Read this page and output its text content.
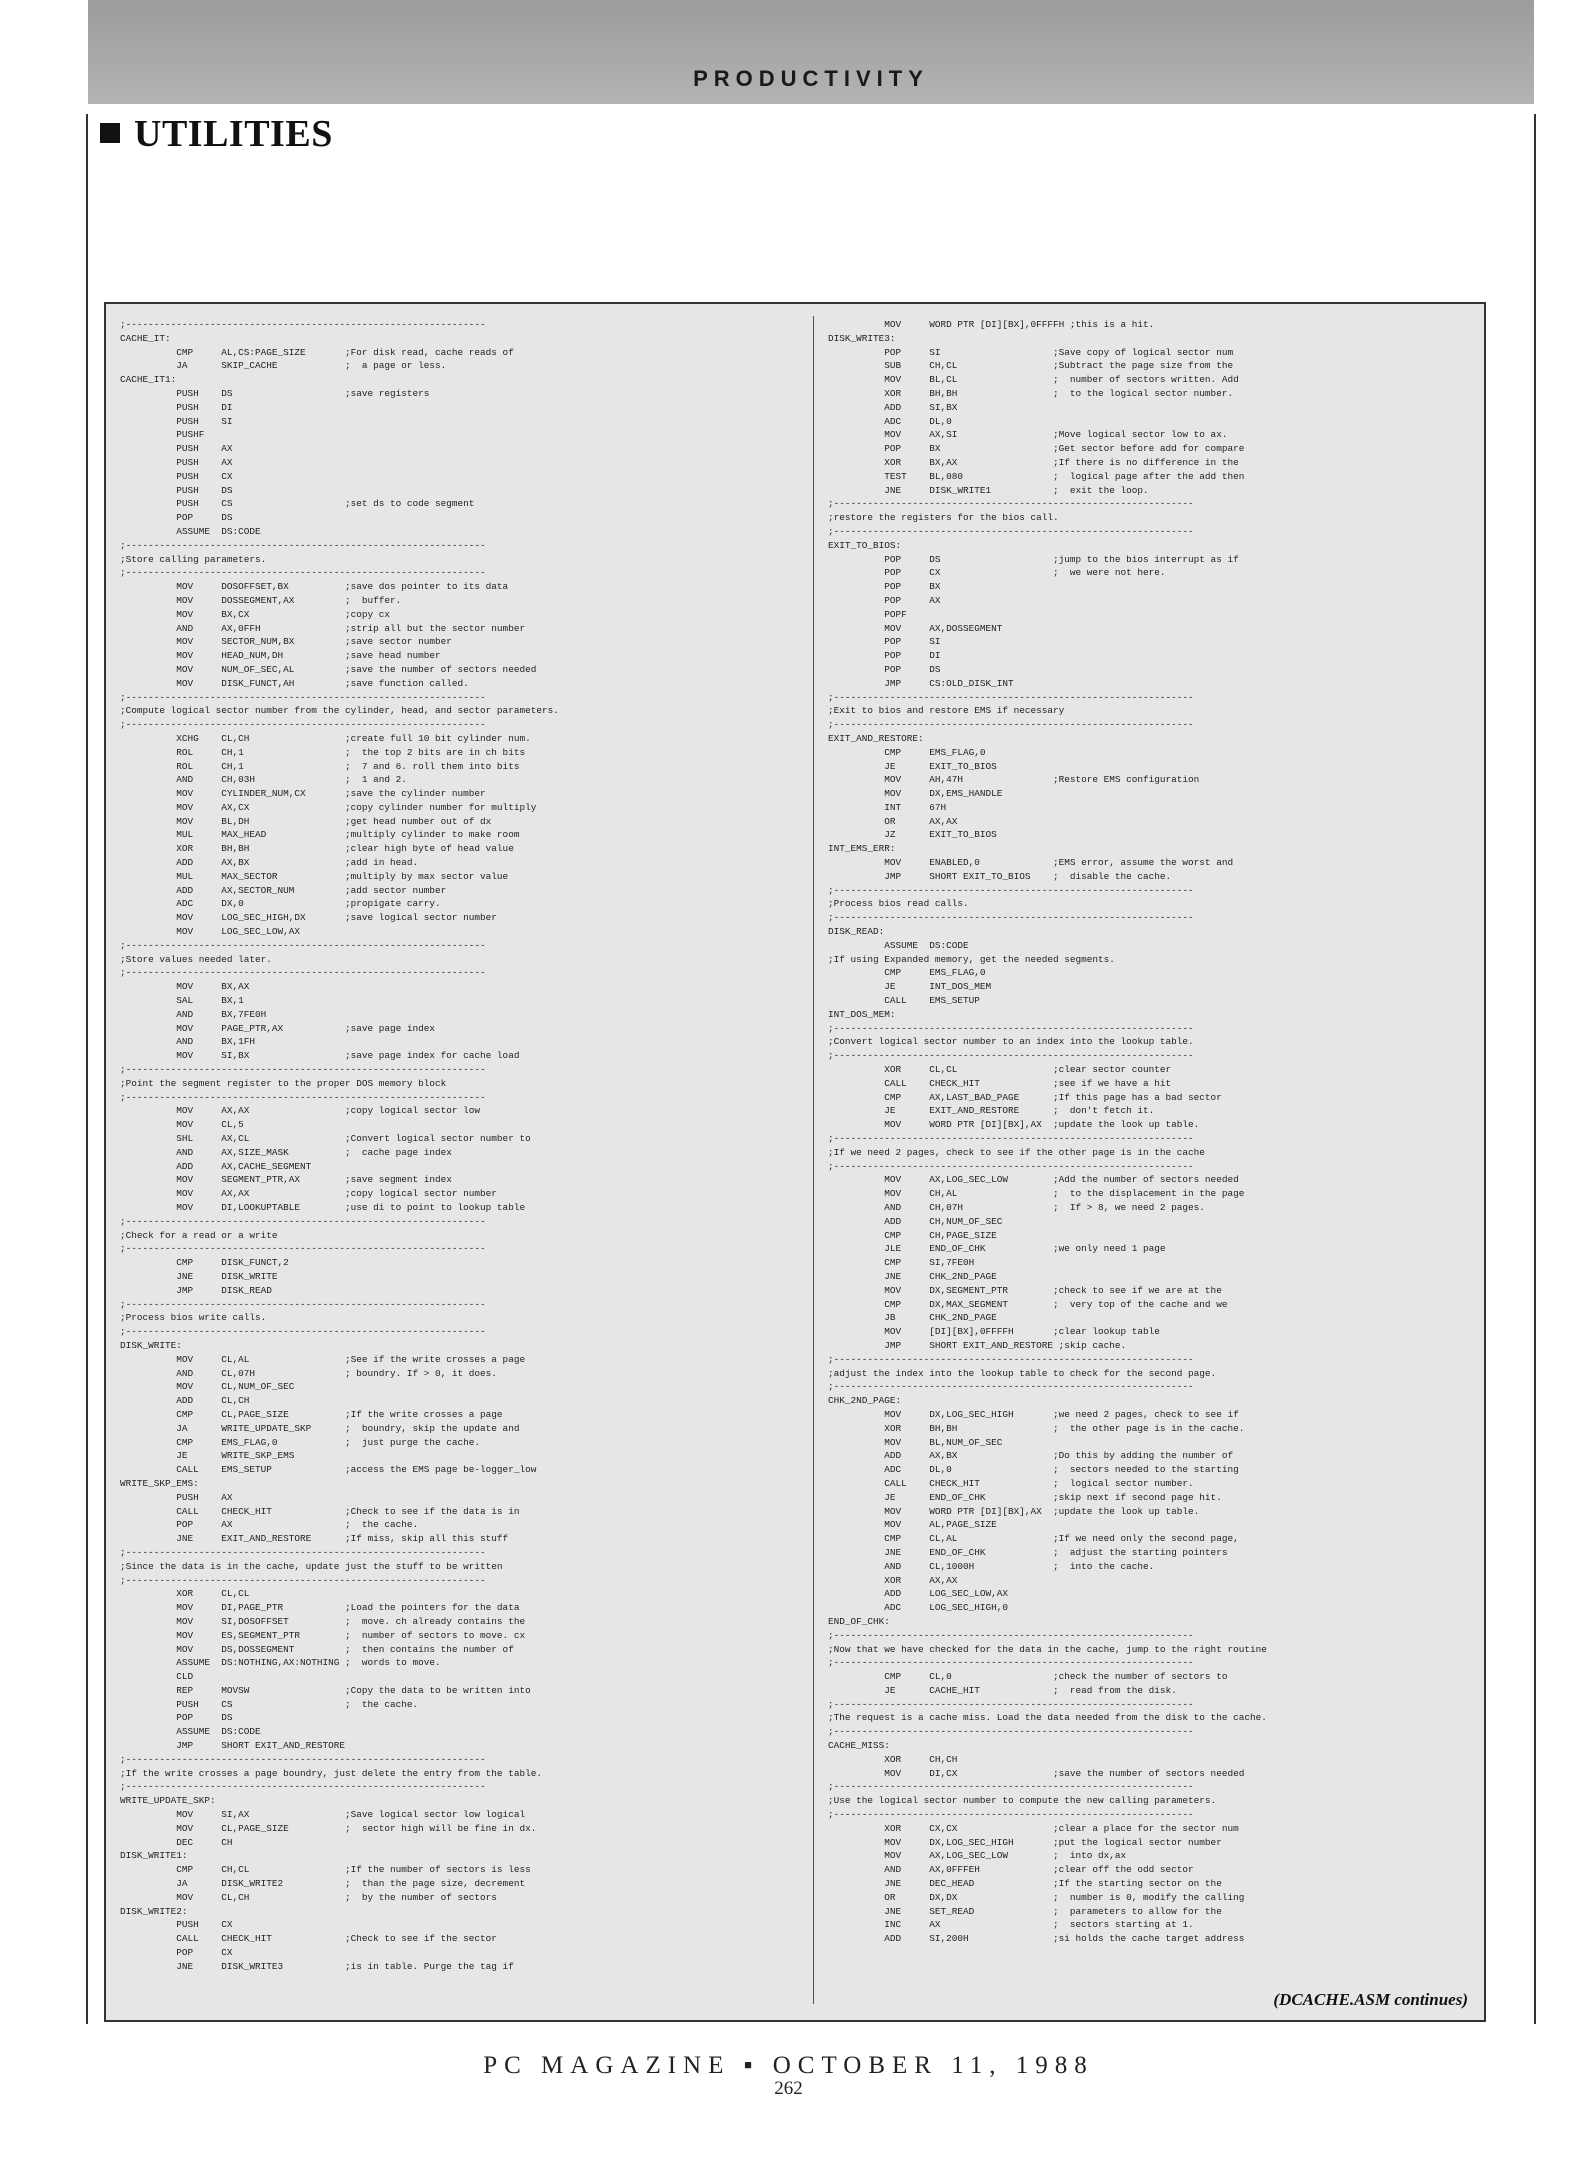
PRODUCTIVITY
UTILITIES
;----------------------------------------------------------------
CACHE_IT:
CMP     AL,CS:PAGE_SIZE       ;For disk read, cache reads of
JA      SKIP_CACHE            ;  a page or less.
CACHE_IT1:
PUSH    DS                    ;save registers
PUSH    DI
PUSH    SI
PUSHF
PUSH    AX
PUSH    AX
PUSH    CX
PUSH    DS
PUSH    CS                    ;set ds to code segment
POP     DS
ASSUME  DS:CODE
;----------------------------------------------------------------
;Store calling parameters.
;----------------------------------------------------------------
MOV     DOSOFFSET,BX          ;save dos pointer to its data
MOV     DOSSEGMENT,AX         ;  buffer.
MOV     BX,CX                 ;copy cx
AND     AX,0FFH               ;strip all but the sector number
MOV     SECTOR_NUM,BX         ;save sector number
MOV     HEAD_NUM,DH           ;save head number
MOV     NUM_OF_SEC,AL         ;save the number of sectors needed
MOV     DISK_FUNCT,AH         ;save function called.
;----------------------------------------------------------------
;Compute logical sector number from the cylinder, head, and sector parameters.
;----------------------------------------------------------------
XCHG    CL,CH                 ;create full 10 bit cylinder num.
ROL     CH,1                  ;  the top 2 bits are in ch bits
ROL     CH,1                  ;  7 and 6. roll them into bits
AND     CH,03H                ;  1 and 2.
MOV     CYLINDER_NUM,CX       ;save the cylinder number
MOV     AX,CX                 ;copy cylinder number for multiply
MOV     BL,DH                 ;get head number out of dx
MUL     MAX_HEAD              ;multiply cylinder to make room
XOR     BH,BH                 ;clear high byte of head value
ADD     AX,BX                 ;add in head.
MUL     MAX_SECTOR            ;multiply by max sector value
ADD     AX,SECTOR_NUM         ;add sector number
ADC     DX,0                  ;propigate carry.
MOV     LOG_SEC_HIGH,DX       ;save logical sector number
MOV     LOG_SEC_LOW,AX
;----------------------------------------------------------------
;Store values needed later.
;----------------------------------------------------------------
MOV     BX,AX
SAL     BX,1
AND     BX,7FE0H
MOV     PAGE_PTR,AX           ;save page index
AND     BX,1FH
MOV     SI,BX                 ;save page index for cache load
;----------------------------------------------------------------
;Point the segment register to the proper DOS memory block
;----------------------------------------------------------------
MOV     AX,AX                 ;copy logical sector low
MOV     CL,5
SHL     AX,CL                 ;Convert logical sector number to
AND     AX,SIZE_MASK          ;  cache page index
ADD     AX,CACHE_SEGMENT
MOV     SEGMENT_PTR,AX        ;save segment index
MOV     AX,AX                 ;copy logical sector number
MOV     DI,LOOKUPTABLE        ;use di to point to lookup table
;----------------------------------------------------------------
;Check for a read or a write
;----------------------------------------------------------------
CMP     DISK_FUNCT,2
JNE     DISK_WRITE
JMP     DISK_READ
;----------------------------------------------------------------
;Process bios write calls.
;----------------------------------------------------------------
DISK_WRITE:
MOV     CL,AL                 ;See if the write crosses a page
AND     CL,07H                ; boundry. If > 0, it does.
MOV     CL,NUM_OF_SEC
ADD     CL,CH
CMP     CL,PAGE_SIZE          ;If the write crosses a page
JA      WRITE_UPDATE_SKP      ;  boundry, skip the update and
CMP     EMS_FLAG,0            ;  just purge the cache.
JE      WRITE_SKP_EMS
CALL    EMS_SETUP             ;access the EMS page be-logger_low
WRITE_SKP_EMS:
PUSH    AX
CALL    CHECK_HIT             ;Check to see if the data is in
POP     AX                    ;  the cache.
JNE     EXIT_AND_RESTORE      ;If miss, skip all this stuff
;----------------------------------------------------------------
;Since the data is in the cache, update just the stuff to be written
;----------------------------------------------------------------
XOR     CL,CL
MOV     DI,PAGE_PTR           ;Load the pointers for the data
MOV     SI,DOSOFFSET          ;  move. ch already contains the
MOV     ES,SEGMENT_PTR        ;  number of sectors to move. cx
MOV     DS,DOSSEGMENT         ;  then contains the number of
ASSUME  DS:NOTHING,AX:NOTHING ;  words to move.
CLD
REP     MOVSW                 ;Copy the data to be written into
PUSH    CS                    ;  the cache.
POP     DS
ASSUME  DS:CODE
JMP     SHORT EXIT_AND_RESTORE
;----------------------------------------------------------------
;If the write crosses a page boundry, just delete the entry from the table.
;----------------------------------------------------------------
WRITE_UPDATE_SKP:
MOV     SI,AX                 ;Save logical sector low logical
MOV     CL,PAGE_SIZE          ;  sector high will be fine in dx.
DEC     CH
DISK_WRITE1:
CMP     CH,CL                 ;If the number of sectors is less
JA      DISK_WRITE2           ;  than the page size, decrement
MOV     CL,CH                 ;  by the number of sectors
DISK_WRITE2:
PUSH    CX
CALL    CHECK_HIT             ;Check to see if the sector
POP     CX
JNE     DISK_WRITE3           ;is in table. Purge the tag if
MOV     WORD PTR [DI][BX],0FFFFH ;this is a hit.
DISK_WRITE3:
POP     SI                    ;Save copy of logical sector num
SUB     CH,CL                 ;Subtract the page size from the
MOV     BL,CL                 ;  number of sectors written. Add
XOR     BH,BH                 ;  to the logical sector number.
ADD     SI,BX
ADC     DL,0
MOV     AX,SI                 ;Move logical sector low to ax.
POP     BX                    ;Get sector before add for compare
XOR     BX,AX                 ;If there is no difference in the
TEST    BL,080                ;  logical page after the add then
JNE     DISK_WRITE1           ;  exit the loop.
;----------------------------------------------------------------
;restore the registers for the bios call.
;----------------------------------------------------------------
EXIT_TO_BIOS:
POP     DS                    ;jump to the bios interrupt as if
POP     CX                    ;  we were not here.
POP     BX
POP     AX
POPF
MOV     AX,DOSSEGMENT
POP     SI
POP     DI
POP     DS
JMP     CS:OLD_DISK_INT
;----------------------------------------------------------------
;Exit to bios and restore EMS if necessary
;----------------------------------------------------------------
EXIT_AND_RESTORE:
CMP     EMS_FLAG,0
JE      EXIT_TO_BIOS
MOV     AH,47H                ;Restore EMS configuration
MOV     DX,EMS_HANDLE
INT     67H
OR      AX,AX
JZ      EXIT_TO_BIOS
INT_EMS_ERR:
MOV     ENABLED,0             ;EMS error, assume the worst and
JMP     SHORT EXIT_TO_BIOS    ;  disable the cache.
;----------------------------------------------------------------
;Process bios read calls.
;----------------------------------------------------------------
DISK_READ:
ASSUME  DS:CODE
;If using Expanded memory, get the needed segments.
CMP     EMS_FLAG,0
JE      INT_DOS_MEM
CALL    EMS_SETUP
INT_DOS_MEM:
;----------------------------------------------------------------
;Convert logical sector number to an index into the lookup table.
;----------------------------------------------------------------
XOR     CL,CL                 ;clear sector counter
CALL    CHECK_HIT             ;see if we have a hit
CMP     AX,LAST_BAD_PAGE      ;If this page has a bad sector
JE      EXIT_AND_RESTORE      ;  don't fetch it.
MOV     WORD PTR [DI][BX],AX  ;update the look up table.
;----------------------------------------------------------------
;If we need 2 pages, check to see if the other page is in the cache
;----------------------------------------------------------------
MOV     AX,LOG_SEC_LOW        ;Add the number of sectors needed
MOV     CH,AL                 ;  to the displacement in the page
AND     CH,07H                ;  If > 8, we need 2 pages.
ADD     CH,NUM_OF_SEC
CMP     CH,PAGE_SIZE
JLE     END_OF_CHK            ;we only need 1 page
CMP     SI,7FE0H
JNE     CHK_2ND_PAGE
MOV     DX,SEGMENT_PTR        ;check to see if we are at the
CMP     DX,MAX_SEGMENT        ;  very top of the cache and we
JB      CHK_2ND_PAGE
MOV     [DI][BX],0FFFFH       ;clear lookup table
JMP     SHORT EXIT_AND_RESTORE ;skip cache.
;----------------------------------------------------------------
;adjust the index into the lookup table to check for the second page.
;----------------------------------------------------------------
CHK_2ND_PAGE:
MOV     DX,LOG_SEC_HIGH       ;we need 2 pages, check to see if
XOR     BH,BH                 ;  the other page is in the cache.
MOV     BL,NUM_OF_SEC
ADD     AX,BX                 ;Do this by adding the number of
ADC     DL,0                  ;  sectors needed to the starting
CALL    CHECK_HIT             ;  logical sector number.
JE      END_OF_CHK            ;skip next if second page hit.
MOV     WORD PTR [DI][BX],AX  ;update the look up table.
MOV     AL,PAGE_SIZE
CMP     CL,AL                 ;If we need only the second page,
JNE     END_OF_CHK            ;  adjust the starting pointers
AND     CL,1000H              ;  into the cache.
XOR     AX,AX
ADD     LOG_SEC_LOW,AX
ADC     LOG_SEC_HIGH,0
END_OF_CHK:
;----------------------------------------------------------------
;Now that we have checked for the data in the cache, jump to the right routine
;----------------------------------------------------------------
CMP     CL,0                  ;check the number of sectors to
JE      CACHE_HIT             ;  read from the disk.
;----------------------------------------------------------------
;The request is a cache miss. Load the data needed from the disk to the cache.
;----------------------------------------------------------------
CACHE_MISS:
XOR     CH,CH
MOV     DI,CX                 ;save the number of sectors needed
;----------------------------------------------------------------
;Use the logical sector number to compute the new calling parameters.
;----------------------------------------------------------------
XOR     CX,CX                 ;clear a place for the sector num
MOV     DX,LOG_SEC_HIGH       ;put the logical sector number
MOV     AX,LOG_SEC_LOW        ;  into dx,ax
AND     AX,0FFFEH             ;clear off the odd sector
JNE     DEC_HEAD              ;If the starting sector on the
OR      DX,DX                 ;  number is 0, modify the calling
JNE     SET_READ              ;  parameters to allow for the
INC     AX                    ;  sectors starting at 1.
ADD     SI,200H               ;si holds the cache target address
(DCACHE.ASM continues)
PC MAGAZINE ▪ OCTOBER 11, 1988
262
